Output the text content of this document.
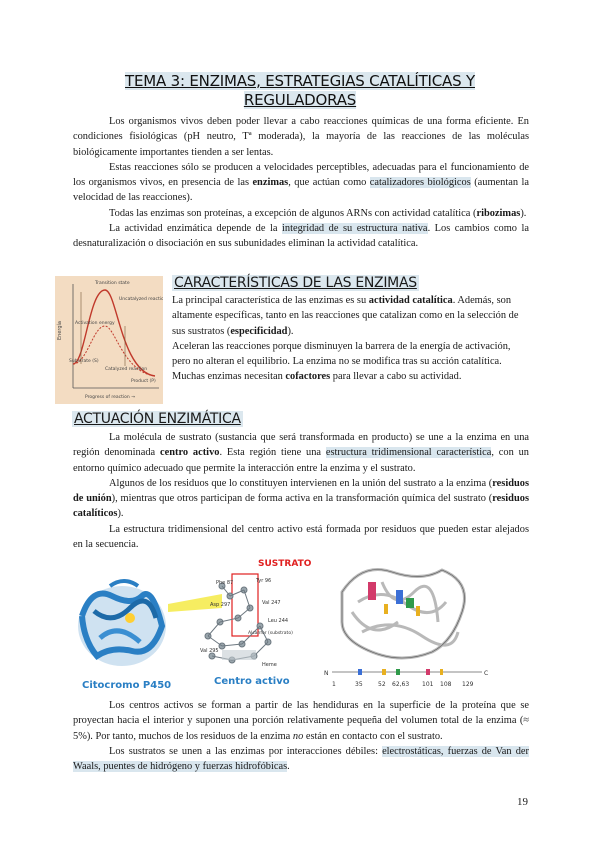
TEMA 3: ENZIMAS, ESTRATEGIAS CATALÍTICAS Y
REGULADORAS

Los organismos vivos deben poder llevar a cabo reacciones químicas de una forma eficiente. En condiciones fisiológicas (pH neutro, Tª moderada), la mayoría de las reacciones de las moléculas biológicamente importantes tienden a ser lentas.

Estas reacciones sólo se producen a velocidades perceptibles, adecuadas para el funcionamiento de los organismos vivos, en presencia de las enzimas, que actúan como catalizadores biológicos (aumentan la velocidad de las reacciones).

Todas las enzimas son proteínas, a excepción de algunos ARNs con actividad catalítica (ribozimas).

La actividad enzimática depende de la integridad de su estructura nativa. Los cambios como la desnaturalización o disociación en sus subunidades eliminan la actividad catalítica.

Energía
Transition state
Uncatalyzed reaction
Activation energy
Substrate (S)
Catalyzed reaction
Product (P)
Progress of reaction →
CARACTERÍSTICAS DE LAS ENZIMAS

La principal característica de las enzimas es su actividad catalítica. Además, son altamente específicas, tanto en las reacciones que catalizan como en la selección de sus sustratos (especificidad).

Aceleran las reacciones porque disminuyen la barrera de la energía de activación, pero no alteran el equilibrio. La enzima no se modifica tras su acción catalítica.

Muchas enzimas necesitan cofactores para llevar a cabo su actividad.

ACTUACIÓN ENZIMÁTICA

La molécula de sustrato (sustancia que será transformada en producto) se une a la enzima en una región denominada centro activo. Esta región tiene una estructura tridimensional característica, con un entorno químico adecuado que permite la interacción entre la enzima y el sustrato.

Algunos de los residuos que lo constituyen intervienen en la unión del sustrato a la enzima (residuos de unión), mientras que otros participan de forma activa en la transformación química del sustrato (residuos catalíticos).

La estructura tridimensional del centro activo está formada por residuos que pueden estar alejados en la secuencia.

SUSTRATO
Phe 87	Tyr 96
Asp 297	Val 247
Leu 244
Val 295
Alcanfor (substrato)
Heme
Citocromo P450	Centro activo
N	C
1	35	52 62,63 101 108 129

Los centros activos se forman a partir de las hendiduras en la superficie de la proteína que se proyectan hacia el interior y suponen una porción relativamente pequeña del volumen total de la enzima (≈ 5%). Por tanto, muchos de los residuos de la enzima no están en contacto con el sustrato.

Los sustratos se unen a las enzimas por interacciones débiles: electrostáticas, fuerzas de Van der Waals, puentes de hidrógeno y fuerzas hidrofóbicas.

19
